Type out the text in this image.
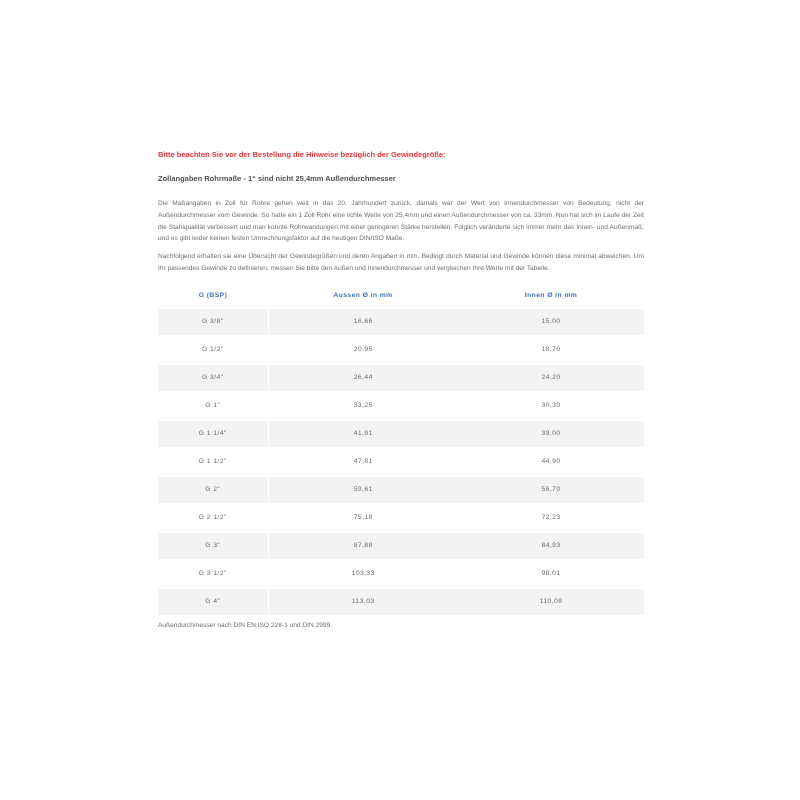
Bitte beachten Sie vor der Bestellung die Hinweise bezüglich der Gewindegröße:

Zollangaben Rohrmaße - 1“ sind nicht 25,4mm Außendurchmesser

Die Maßangaben in Zoll für Rohre gehen weit in das 20. Jahrhundert zurück, damals war der Wert von Innendurchmesser von Bedeutung, nicht der Außendurchmesser vom Gewinde. So hatte ein 1 Zoll Rohr eine lichte Weite von 25,4mm und einen Außendurchmesser von ca. 33mm. Nun hat sich im Laufe der Zeit die Stahlqualität verbessert und man konnte Rohrwandungen mit einer geringeren Stärke herstellen. Folglich veränderte sich immer mehr das Innen- und Außenmaß, und es gibt leider keinen festen Umrechnungsfaktor auf die heutigen DIN/ISO Maße.

Nachfolgend erhalten sie eine Übersicht der Gewindegrößen und deren Angaben in mm. Bedingt durch Material und Gewinde können diese minimal abweichen. Um Ihr passendes Gewinde zu definieren, messen Sie bitte den Außen und Innendurchmesser und vergleichen Ihre Werte mit der Tabelle.

G (BSP)	Aussen Ø in mm	Innen Ø in mm

G 3/8"	16,66	15,00

G 1/2"	20,95	18,70

G 3/4"	26,44	24,20

G 1"	33,25	30,30

G 1 1/4"	41,91	39,00

G 1 1/2"	47,81	44,90

G 2"	59,61	56,70

G 2 1/2"	75,18	72,23

G 3"	87,88	84,93

G 3 1/2"	103,33	98,01

G 4"	113,03	110,08

Außendurchmesser nach DIN EN ISO 228-1 und DIN 2999.
